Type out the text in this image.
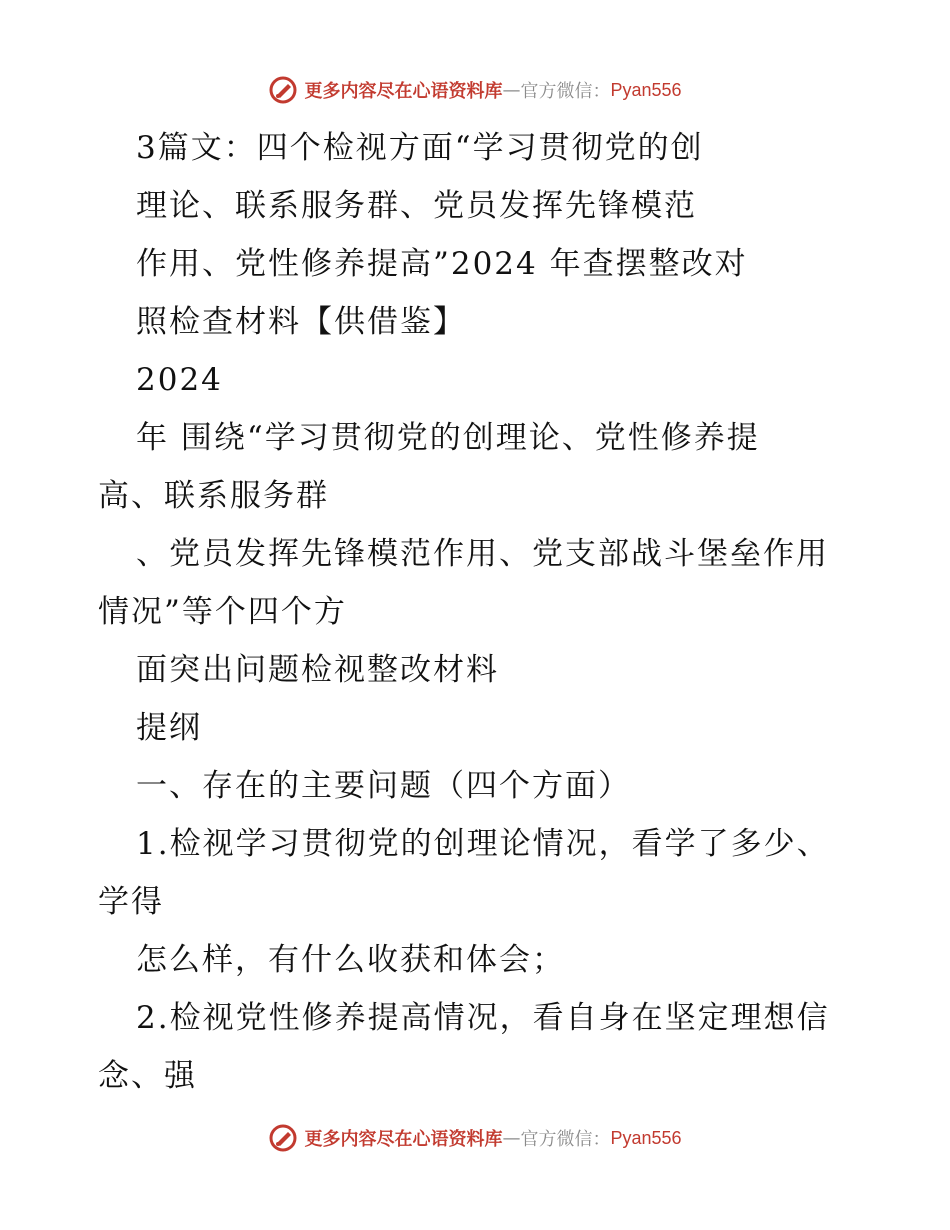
更多内容尽在心语资料库 — 官方微信： Pyan556
3篇文：四个检视方面“学习贯彻党的创
理论、联系服务群、党员发挥先锋模范
作用、党性修养提高”2024 年查摆整改对
照检查材料【供借鉴】
2024
年 围绕“学习贯彻党的创理论、党性修养提
高、联系服务群
、党员发挥先锋模范作用、党支部战斗堡垒作用
情况”等个四个方
面突出问题检视整改材料
提纲
一、存在的主要问题（四个方面）
1.检视学习贯彻党的创理论情况，看学了多少、
学得
怎么样，有什么收获和体会；
2.检视党性修养提高情况，看自身在坚定理想信
念、强
更多内容尽在心语资料库 — 官方微信： Pyan556
